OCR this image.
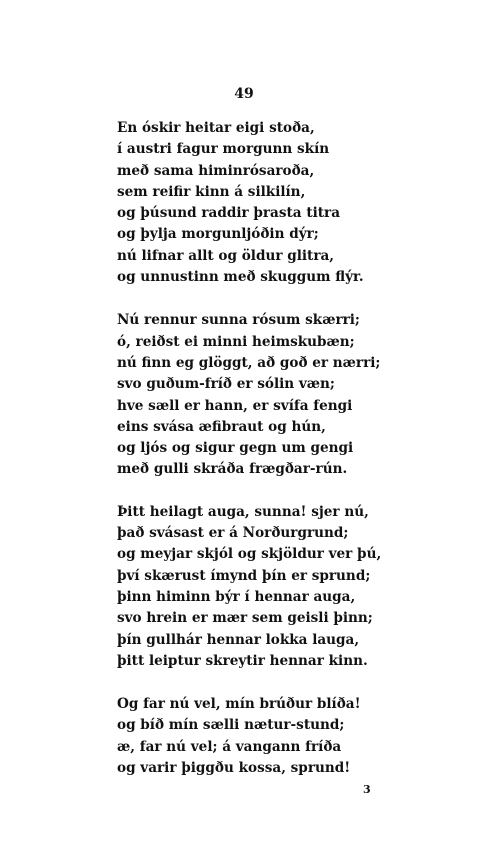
49
En óskir heitar eigi stoða,
í austri fagur morgunn skín
með sama himinrósaroða,
sem reifir kinn á silkilín,
og þúsund raddir þrasta titra
og þylja morgunljóðin dýr;
nú lifnar allt og öldur glitra,
og unnustinn með skuggum flýr.
Nú rennur sunna rósum skærri;
ó, reiðst ei minni heimskubæn;
nú finn eg glöggt, að goð er nærri;
svo guðum-fríð er sólin væn;
hve sæll er hann, er svífa fengi
eins svása æfibraut og hún,
og ljós og sigur gegn um gengi
með gulli skráða frægðar-rún.
Þitt heilagt auga, sunna! sjer nú,
það svásast er á Norðurgrund;
og meyjar skjól og skjöldur ver þú,
því skærust ímynd þín er sprund;
þinn himinn býr í hennar auga,
svo hrein er mær sem geisli þinn;
þín gullhár hennar lokka lauga,
þitt leiptur skreytir hennar kinn.
Og far nú vel, mín brúður blíða!
og bíð mín sælli nætur-stund;
æ, far nú vel; á vangann fríða
og varir þiggðu kossa, sprund!
3
